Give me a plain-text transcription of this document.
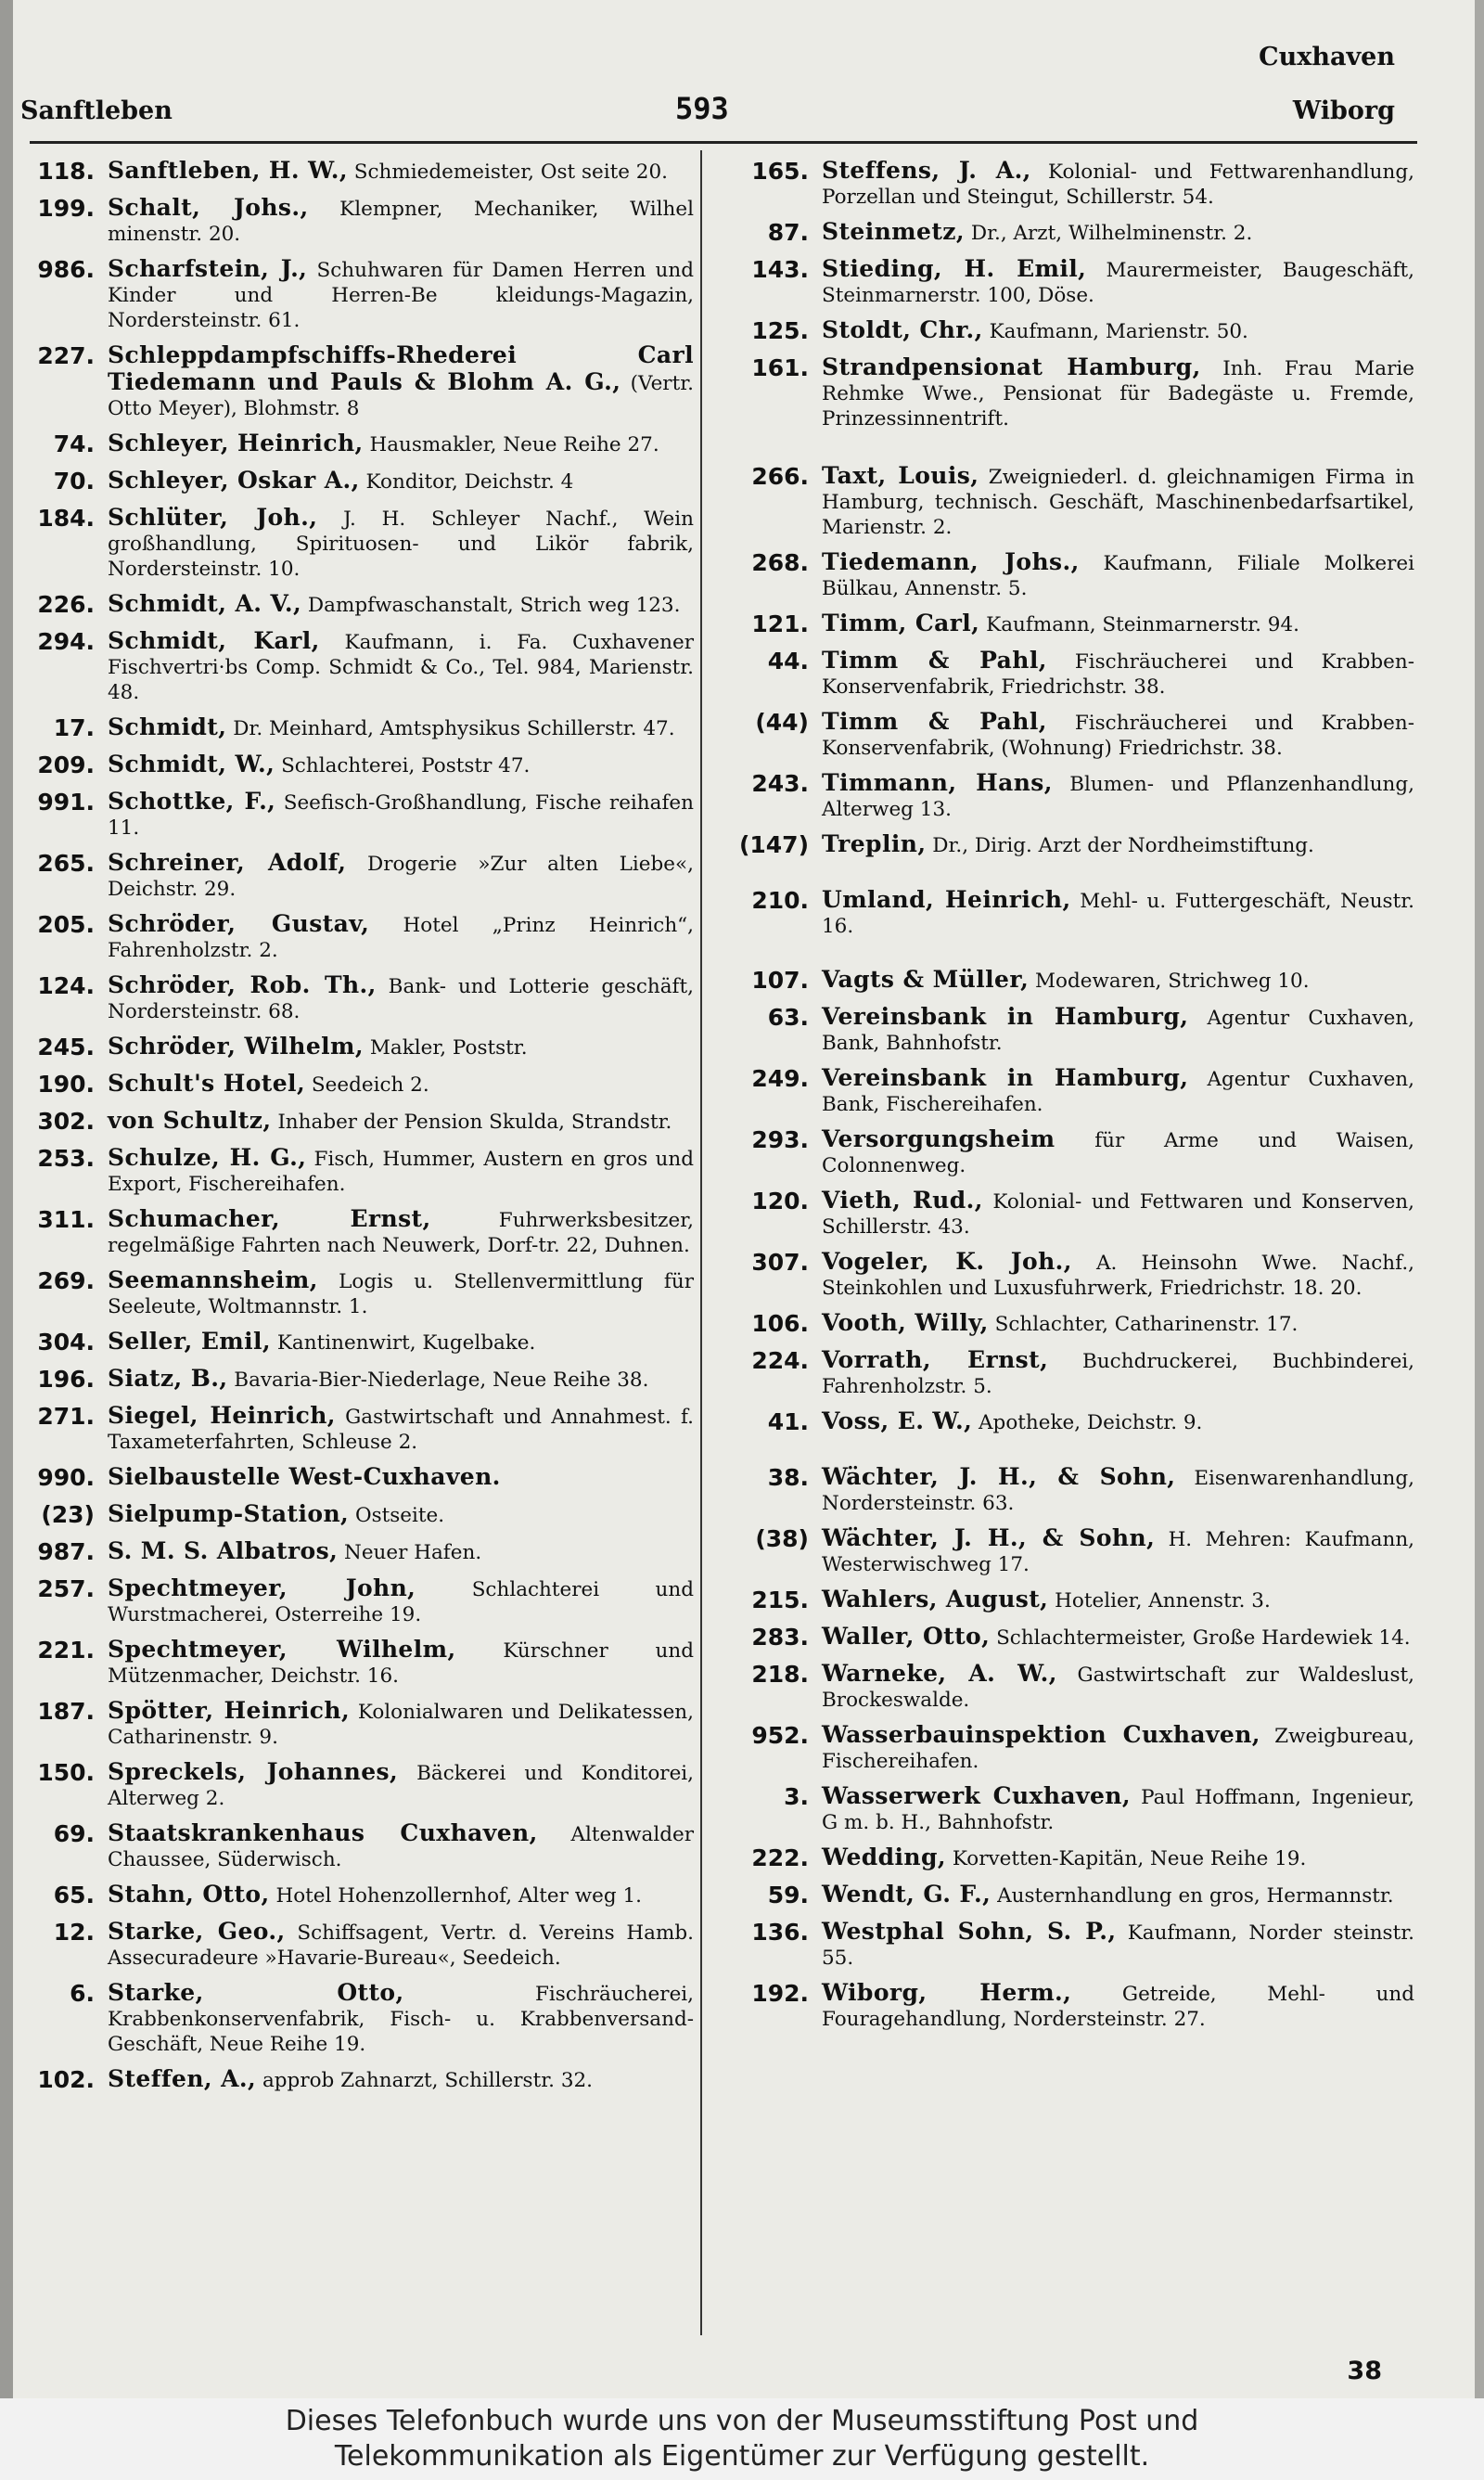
Cuxhaven
Sanftleben	593	Wiborg
118. Sanftleben, H. W., Schmiedemeister, Ost seite 20.
199. Schalt, Johs., Klempner, Mechaniker, Wilhel minenstr. 20.
986. Scharfstein, J., Schuhwaren für Damen Herren und Kinder und Herren-Be kleidungs-Magazin, Nordersteinstr. 61.
227. Schleppdampfschiffs-Rhederei Carl Tiedemann und Pauls & Blohm A. G., (Vertr. Otto Meyer), Blohmstr. 8
74. Schleyer, Heinrich, Hausmakler, Neue Reihe 27.
70. Schleyer, Oskar A., Konditor, Deichstr. 4
184. Schlüter, Joh., J. H. Schleyer Nachf., Wein großhandlung, Spirituosen- und Likör fabrik, Nordersteinstr. 10.
226. Schmidt, A. V., Dampfwaschanstalt, Strich weg 123.
294. Schmidt, Karl, Kaufmann, i. Fa. Cuxhavener Fischvertri·bs Comp. Schmidt & Co., Tel. 984, Marienstr. 48.
17. Schmidt, Dr. Meinhard, Amtsphysikus Schillerstr. 47.
209. Schmidt, W., Schlachterei, Poststr 47.
991. Schottke, F., Seefisch-Großhandlung, Fische reihafen 11.
265. Schreiner, Adolf, Drogerie »Zur alten Liebe«, Deichstr. 29.
205. Schröder, Gustav, Hotel „Prinz Heinrich“, Fahrenholzstr. 2.
124. Schröder, Rob. Th., Bank- und Lotterie geschäft, Nordersteinstr. 68.
245. Schröder, Wilhelm, Makler, Poststr.
190. Schult's Hotel, Seedeich 2.
302. von Schultz, Inhaber der Pension Skulda, Strandstr.
253. Schulze, H. G., Fisch, Hummer, Austern en gros und Export, Fischereihafen.
311. Schumacher, Ernst,	Fuhrwerksbesitzer, regelmäßige Fahrten nach Neuwerk, Dorf-tr. 22, Duhnen.
269. Seemannsheim, Logis u. Stellenvermittlung für Seeleute, Woltmannstr. 1.
304. Seller, Emil, Kantinenwirt, Kugelbake.
196. Siatz, B., Bavaria-Bier-Niederlage, Neue Reihe 38.
271. Siegel, Heinrich, Gastwirtschaft und Annahmest. f. Taxameterfahrten, Schleuse 2.
990. Sielbaustelle West-Cuxhaven.
(23) Sielpump-Station, Ostseite.
987. S. M. S. Albatros, Neuer Hafen.
257. Spechtmeyer, John,	Schlachterei und Wurstmacherei, Osterreihe 19.
221. Spechtmeyer, Wilhelm, Kürschner und Mützenmacher, Deichstr. 16.
187. Spötter, Heinrich, Kolonialwaren und Delikatessen, Catharinenstr. 9.
150. Spreckels, Johannes, Bäckerei und Konditorei, Alterweg 2.
69. Staatskrankenhaus Cuxhaven, Altenwalder Chaussee, Süderwisch.
65. Stahn, Otto, Hotel Hohenzollernhof, Alter weg 1.
12. Starke, Geo., Schiffsagent, Vertr. d. Vereins Hamb. Assecuradeure »Havarie-Bureau«, Seedeich.
6. Starke, Otto,	Fischräucherei, Krabbenkonservenfabrik, Fisch- u. Krabbenversand-Geschäft, Neue Reihe 19.
102. Steffen, A., approb Zahnarzt, Schillerstr. 32.
165. Steffens, J. A., Kolonial- und Fettwarenhandlung, Porzellan und Steingut, Schillerstr. 54.
87. Steinmetz, Dr., Arzt, Wilhelminenstr. 2.
143. Stieding, H. Emil, Maurermeister, Baugeschäft, Steinmarnerstr. 100, Döse.
125. Stoldt, Chr., Kaufmann, Marienstr. 50.
161. Strandpensionat Hamburg, Inh. Frau Marie Rehmke Wwe., Pensionat für Badegäste u. Fremde, Prinzessinnentrift.
266. Taxt, Louis, Zweigniederl. d. gleichnamigen Firma in Hamburg, technisch. Geschäft, Maschinenbedarfsartikel, Marienstr. 2.
268. Tiedemann, Johs., Kaufmann, Filiale Molkerei Bülkau, Annenstr. 5.
121. Timm, Carl, Kaufmann, Steinmarnerstr. 94.
44. Timm & Pahl, Fischräucherei und Krabben-Konservenfabrik, Friedrichstr. 38.
(44) Timm & Pahl, Fischräucherei und Krabben-Konservenfabrik, (Wohnung) Friedrichstr. 38.
243. Timmann, Hans, Blumen- und Pflanzenhandlung, Alterweg 13.
(147) Treplin, Dr., Dirig. Arzt der Nordheimstiftung.
210. Umland, Heinrich, Mehl- u. Futtergeschäft, Neustr. 16.
107. Vagts & Müller, Modewaren, Strichweg 10.
63. Vereinsbank in Hamburg, Agentur Cuxhaven, Bank, Bahnhofstr.
249. Vereinsbank in Hamburg, Agentur Cuxhaven, Bank, Fischereihafen.
293. Versorgungsheim für Arme und Waisen, Colonnenweg.
120. Vieth, Rud., Kolonial- und Fettwaren und Konserven, Schillerstr. 43.
307. Vogeler, K. Joh., A. Heinsohn Wwe. Nachf., Steinkohlen und Luxusfuhrwerk, Friedrichstr. 18. 20.
106. Vooth, Willy, Schlachter, Catharinenstr. 17.
224. Vorrath, Ernst, Buchdruckerei, Buchbinderei, Fahrenholzstr. 5.
41. Voss, E. W., Apotheke, Deichstr. 9.
38. Wächter, J. H., & Sohn, Eisenwarenhandlung, Nordersteinstr. 63.
(38) Wächter, J. H., & Sohn, H. Mehren: Kaufmann, Westerwischweg 17.
215. Wahlers, August, Hotelier, Annenstr. 3.
283. Waller, Otto, Schlachtermeister, Große Hardewiek 14.
218. Warneke, A. W., Gastwirtschaft zur Waldeslust, Brockeswalde.
952. Wasserbauinspektion Cuxhaven, Zweigbureau, Fischereihafen.
3. Wasserwerk Cuxhaven, Paul Hoffmann, Ingenieur, G m. b. H., Bahnhofstr.
222. Wedding, Korvetten-Kapitän, Neue Reihe 19.
59. Wendt, G. F., Austernhandlung en gros, Hermannstr.
136. Westphal Sohn, S. P., Kaufmann, Norder steinstr. 55.
192. Wiborg, Herm.,	Getreide, Mehl- und Fouragehandlung, Nordersteinstr. 27.
38
Dieses Telefonbuch wurde uns von der Museumsstiftung Post und
Telekommunikation als Eigentümer zur Verfügung gestellt.
